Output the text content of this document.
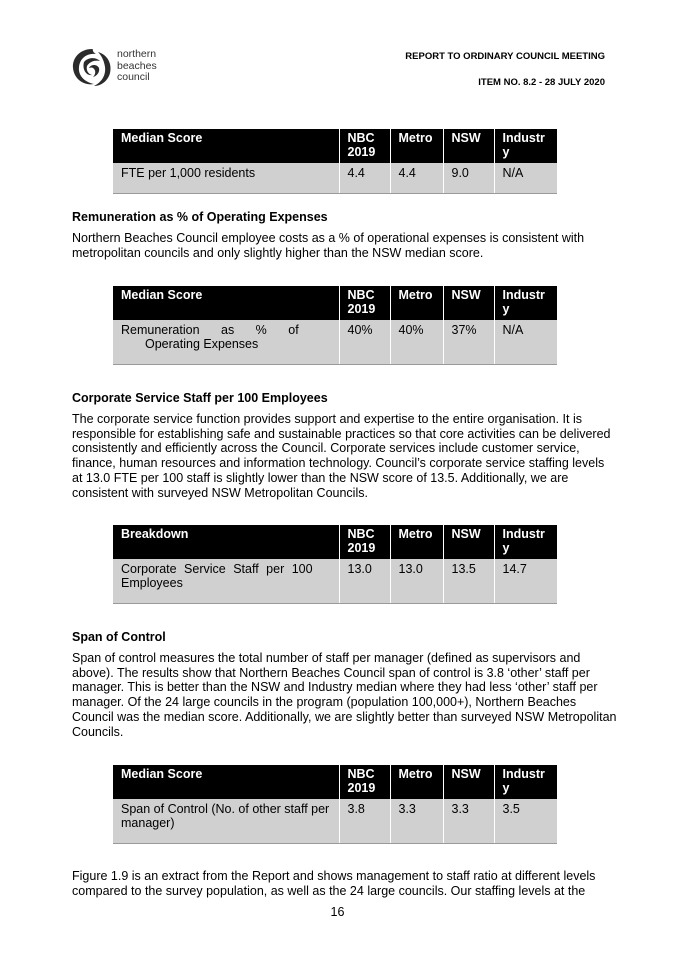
northern
beaches
council
REPORT TO ORDINARY COUNCIL MEETING
ITEM NO. 8.2 - 28 JULY 2020
Median Score	NBC 2019	Metro	NSW	Industr y
FTE per 1,000 residents	4.4	4.4	9.0	N/A
Remuneration as % of Operating Expenses
Northern Beaches Council employee costs as a % of operational expenses is consistent with metropolitan councils and only slightly higher than the NSW median score.
Median Score	NBC 2019	Metro	NSW	Industr y

Remuneration as % of
Operating Expenses	40%	40%	37%	N/A
Corporate Service Staff per 100 Employees
The corporate service function provides support and expertise to the entire organisation. It is responsible for establishing safe and sustainable practices so that core activities can be delivered consistently and efficiently across the Council. Corporate services include customer service, finance, human resources and information technology. Council’s corporate service staffing levels at 13.0 FTE per 100 staff is slightly lower than the NSW score of 13.5. Additionally, we are consistent with surveyed NSW Metropolitan Councils.
Breakdown	NBC 2019	Metro	NSW	Industr y
Corporate Service Staff per 100 Employees	13.0	13.0	13.5	14.7
Span of Control
Span of control measures the total number of staff per manager (defined as supervisors and above). The results show that Northern Beaches Council span of control is 3.8 ‘other’ staff per manager. This is better than the NSW and Industry median where they had less ‘other’ staff per manager. Of the 24 large councils in the program (population 100,000+), Northern Beaches Council was the median score. Additionally, we are slightly better than surveyed NSW Metropolitan Councils.
Median Score	NBC 2019	Metro	NSW	Industr y
Span of Control (No. of other staff per manager)	3.8	3.3	3.3	3.5
Figure 1.9 is an extract from the Report and shows management to staff ratio at different levels compared to the survey population, as well as the 24 large councils. Our staffing levels at the
16
